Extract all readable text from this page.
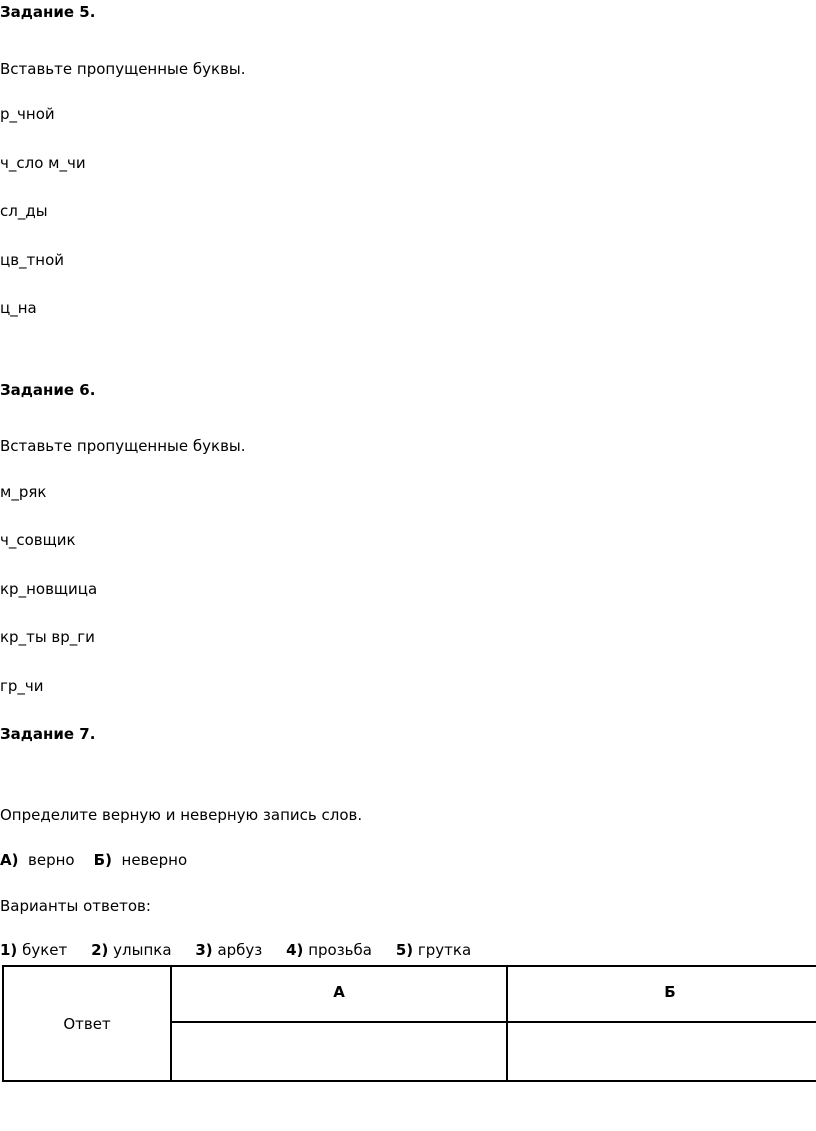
Задание 5.
Вставьте пропущенные буквы.
р_чной
ч_сло м_чи
сл_ды
цв_тной
ц_на
Задание 6.
Вставьте пропущенные буквы.
м_ряк
ч_совщик
кр_новщица
кр_ты вр_ги
гр_чи
Задание 7.
Определите верную и неверную запись слов.
А) верно Б) неверно
Варианты ответов:
1) букет 2) улыпка 3) арбуз 4) прозьба 5) грутка
Ответ	А	Б
